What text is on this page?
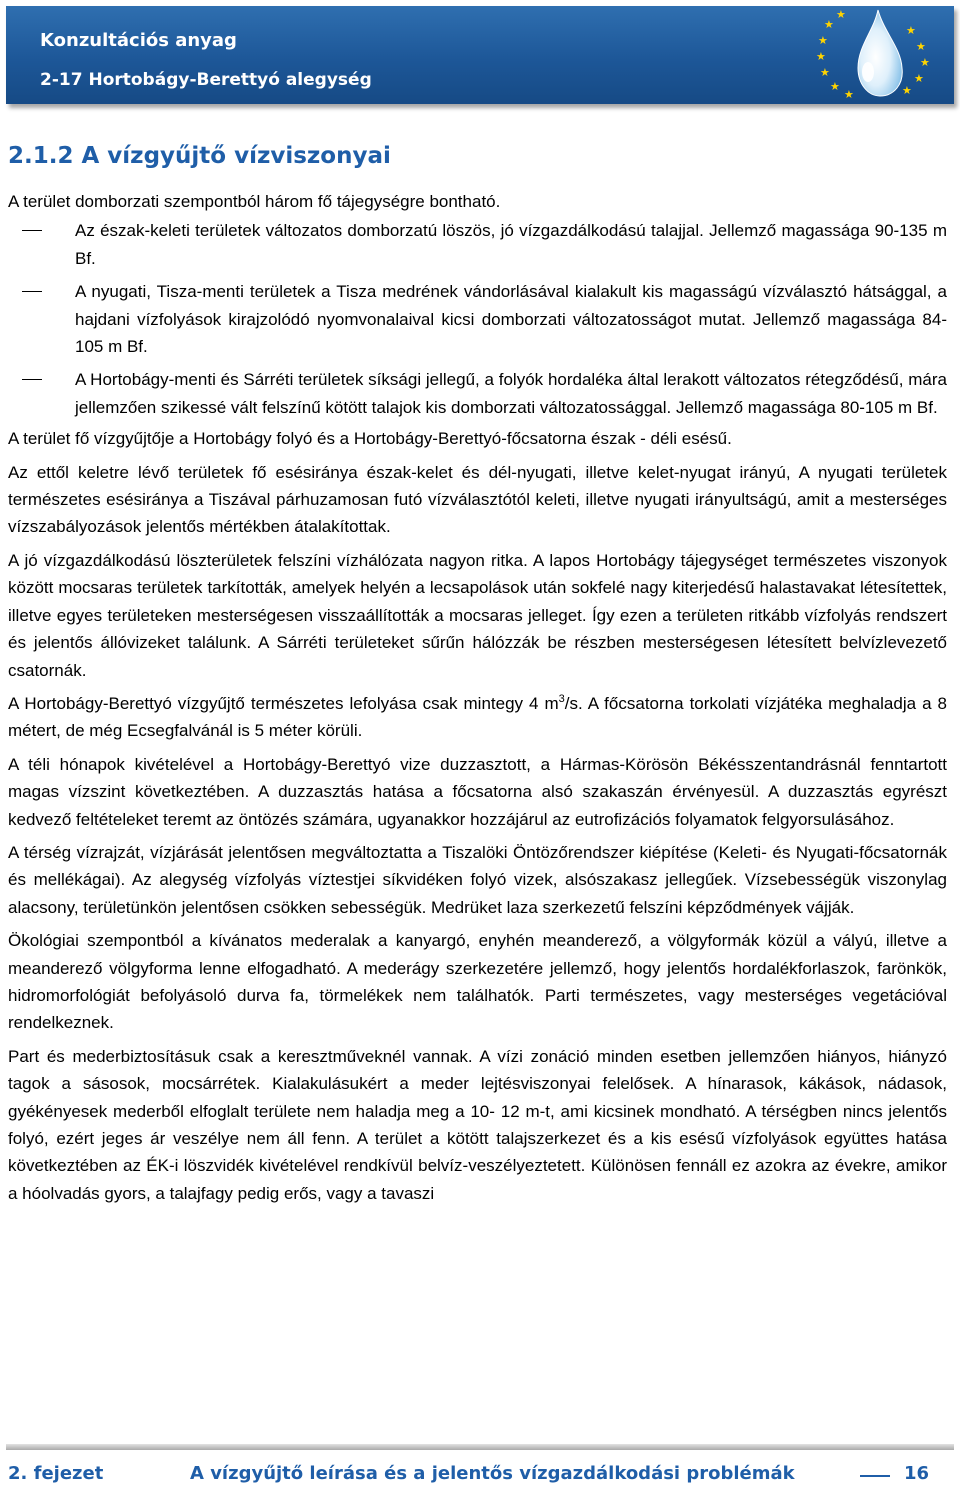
Konzultációs anyag
2-17 Hortobágy-Berettyó alegység
★
★
★
★
★
★
★
★
★
★
★
★
2.1.2 A vízgyűjtő vízviszonyai

A terület domborzati szempontból három fő tájegységre bontható.

Az észak-keleti területek változatos domborzatú löszös, jó vízgazdálkodású talajjal. Jellemző magassága 90-135 m Bf.
A nyugati, Tisza-menti területek a Tisza medrének vándorlásával kialakult kis magasságú vízválasztó hátsággal, a hajdani vízfolyások kirajzolódó nyomvonalaival kicsi domborzati változatosságot mutat. Jellemző magassága 84-105 m Bf.
A Hortobágy-menti és Sárréti területek síksági jellegű, a folyók hordaléka által lerakott változatos rétegződésű, mára jellemzően szikessé vált felszínű kötött talajok kis domborzati változatossággal. Jellemző magassága 80-105 m Bf.

A terület fő vízgyűjtője a Hortobágy folyó és a Hortobágy-Berettyó-főcsatorna észak - déli esésű.

Az ettől keletre lévő területek fő esésiránya észak-kelet és dél-nyugati, illetve kelet-nyugat irányú, A nyugati területek természetes esésiránya a Tiszával párhuzamosan futó vízválasztótól keleti, illetve nyugati irányultságú, amit a mesterséges vízszabályozások jelentős mértékben átalakítottak.

A jó vízgazdálkodású löszterületek felszíni vízhálózata nagyon ritka. A lapos Hortobágy tájegységet természetes viszonyok között mocsaras területek tarkították, amelyek helyén a lecsapolások után sokfelé nagy kiterjedésű halastavakat létesítettek, illetve egyes területeken mesterségesen visszaállították a mocsaras jelleget. Így ezen a területen ritkább vízfolyás rendszert és jelentős állóvizeket találunk. A Sárréti területeket sűrűn hálózzák be részben mesterségesen létesített belvízlevezető csatornák.

A Hortobágy-Berettyó vízgyűjtő természetes lefolyása csak mintegy 4 $m^3/s$. A főcsatorna torkolati vízjátéka meghaladja a 8 métert, de még Ecsegfalvánál is 5 méter körüli.

A téli hónapok kivételével a Hortobágy-Berettyó vize duzzasztott, a Hármas-Körösön Békésszentandrásnál fenntartott magas vízszint következtében. A duzzasztás hatása a főcsatorna alsó szakaszán érvényesül. A duzzasztás egyrészt kedvező feltételeket teremt az öntözés számára, ugyanakkor hozzájárul az eutrofizációs folyamatok felgyorsulásához.

A térség vízrajzát, vízjárását jelentősen megváltoztatta a Tiszalöki Öntözőrendszer kiépítése (Keleti- és Nyugati-főcsatornák és mellékágai). Az alegység vízfolyás víztestjei síkvidéken folyó vizek, alsószakasz jellegűek. Vízsebességük viszonylag alacsony, területünkön jelentősen csökken sebességük. Medrüket laza szerkezetű felszíni képződmények vájják.

Ökológiai szempontból a kívánatos mederalak a kanyargó, enyhén meanderező, a völgyformák közül a vályú, illetve a meanderező völgyforma lenne elfogadható. A mederágy szerkezetére jellemző, hogy jelentős hordalékforlaszok, farönkök, hidromorfológiát befolyásoló durva fa, törmelékek nem találhatók. Parti természetes, vagy mesterséges vegetációval rendelkeznek.

Part és mederbiztosításuk csak a keresztműveknél vannak. A vízi zonáció minden esetben jellemzően hiányos, hiányzó tagok a sásosok, mocsárrétek. Kialakulásukért a meder lejtésviszonyai felelősek. A hínarasok, kákások, nádasok, gyékényesek mederből elfoglalt területe nem haladja meg a 10- 12 m-t, ami kicsinek mondható. A térségben nincs jelentős folyó, ezért jeges ár veszélye nem áll fenn. A terület a kötött talajszerkezet és a kis esésű vízfolyások együttes hatása következtében az ÉK-i löszvidék kivételével rendkívül belvíz-veszélyeztetett. Különösen fennáll ez azokra az évekre, amikor a hóolvadás gyors, a talajfagy pedig erős, vagy a tavaszi

2. fejezet	A vízgyűjtő leírása és a jelentős vízgazdálkodási problémák	16
